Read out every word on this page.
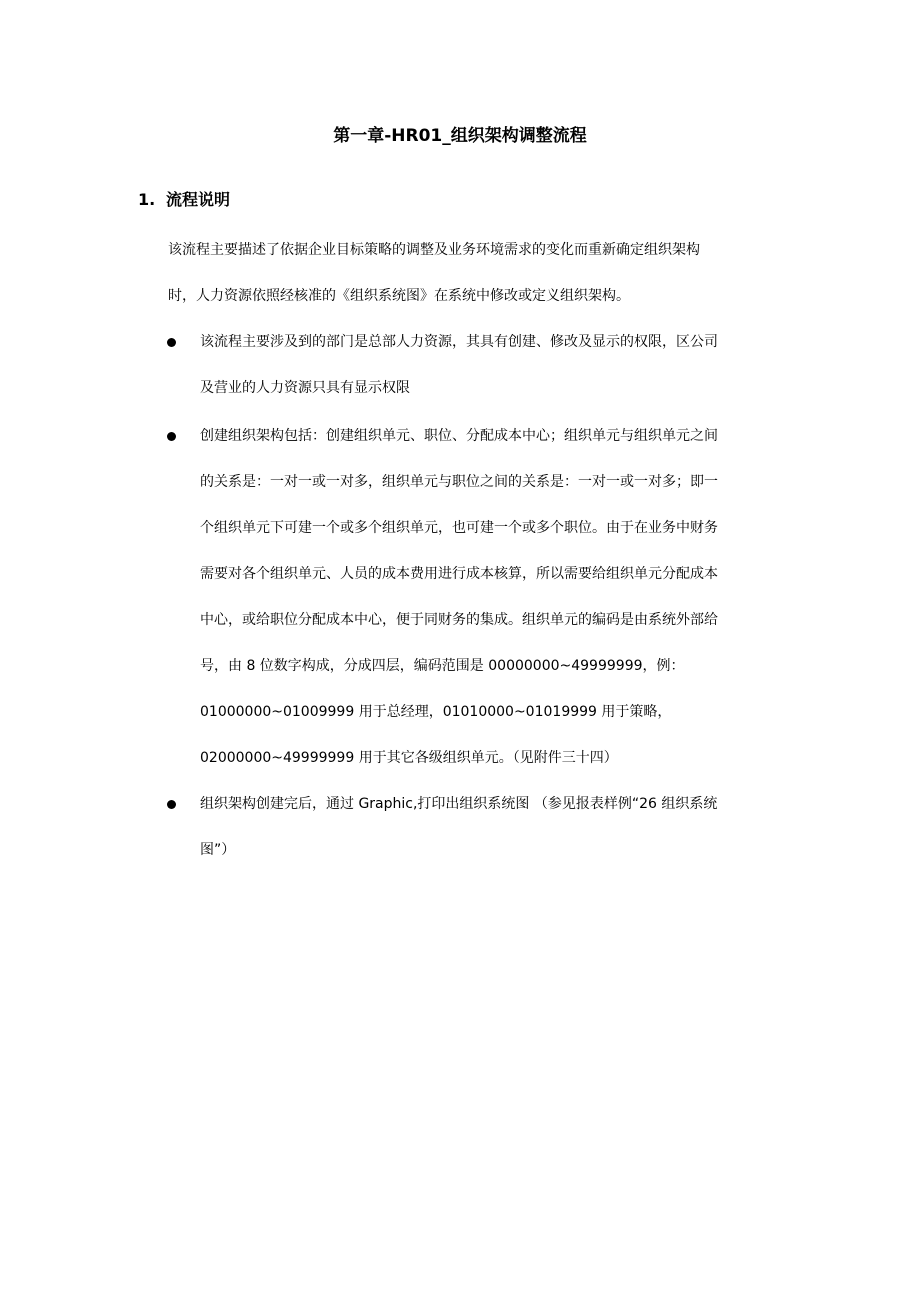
第一章-HR01_组织架构调整流程
1. 流程说明
该流程主要描述了依据企业目标策略的调整及业务环境需求的变化而重新确定组织架构
时，人力资源依照经核准的《组织系统图》在系统中修改或定义组织架构。
该流程主要涉及到的部门是总部人力资源，其具有创建、修改及显示的权限，区公司
及营业的人力资源只具有显示权限
创建组织架构包括：创建组织单元、职位、分配成本中心；组织单元与组织单元之间
的关系是：一对一或一对多，组织单元与职位之间的关系是：一对一或一对多；即一
个组织单元下可建一个或多个组织单元，也可建一个或多个职位。由于在业务中财务
需要对各个组织单元、人员的成本费用进行成本核算，所以需要给组织单元分配成本
中心，或给职位分配成本中心，便于同财务的集成。组织单元的编码是由系统外部给
号，由 8 位数字构成，分成四层，编码范围是 00000000~49999999，例：
01000000~01009999 用于总经理，01010000~01019999 用于策略，
02000000~49999999 用于其它各级组织单元。（见附件三十四）
组织架构创建完后，通过 Graphic,打印出组织系统图 （参见报表样例“26 组织系统
图”）
